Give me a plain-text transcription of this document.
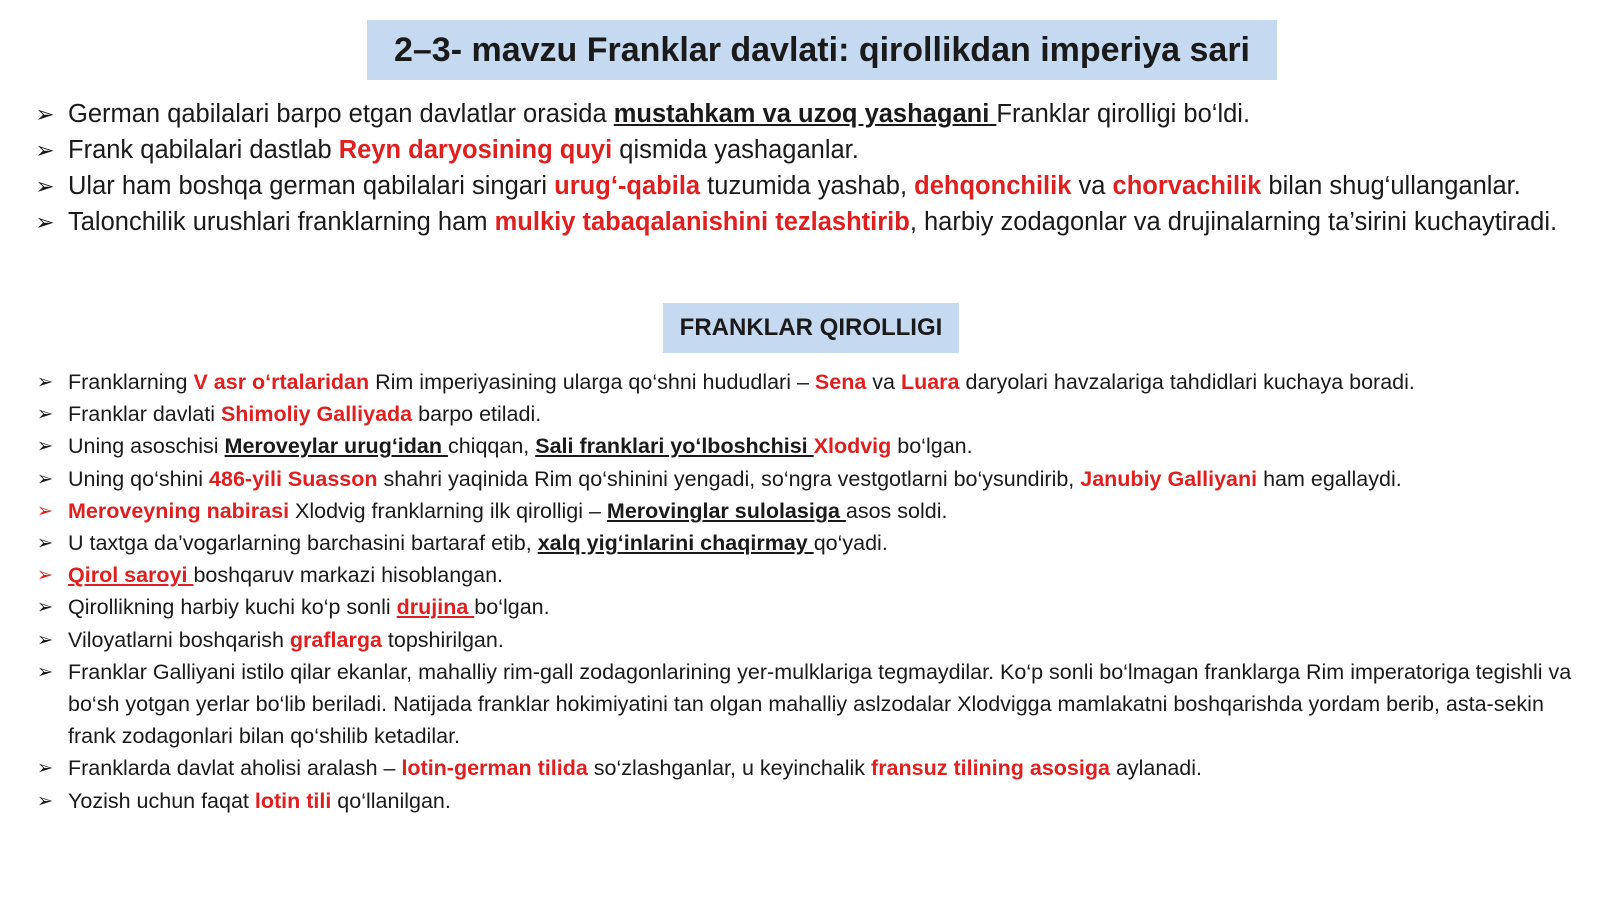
2–3- mavzu Franklar davlati: qirollikdan imperiya sari
➢ German qabilalari barpo etgan davlatlar orasida mustahkam va uzoq yashagani Franklar qirolligi bo‘ldi.
➢ Frank qabilalari dastlab Reyn daryosining quyi qismida yashaganlar.
➢ Ular ham boshqa german qabilalari singari urug‘-qabila tuzumida yashab, dehqonchilik va chorvachilik bilan shug‘ullanganlar.
➢ Talonchilik urushlari franklarning ham mulkiy tabaqalanishini tezlashtirib, harbiy zodagonlar va drujinalarning ta’sirini kuchaytiradi.
FRANKLAR QIROLLIGI
➢ Franklarning V asr o‘rtalaridan Rim imperiyasining ularga qo‘shni hududlari – Sena va Luara daryolari havzalariga tahdidlari kuchaya boradi.
➢ Franklar davlati Shimoliy Galliyada barpo etiladi.
➢ Uning asoschisi Meroveylar urug‘idan chiqqan, Sali franklari yo‘lboshchisi Xlodvig bo‘lgan.
➢ Uning qo‘shini 486-yili Suasson shahri yaqinida Rim qo‘shinini yengadi, so‘ngra vestgotlarni bo‘ysundirib, Janubiy Galliyani ham egallaydi.
➢ Meroveyning nabirasi Xlodvig franklarning ilk qirolligi – Merovinglar sulolasiga asos soldi.
➢ U taxtga da’vogarlarning barchasini bartaraf etib, xalq yig‘inlarini chaqirmay qo‘yadi.
➢ Qirol saroyi boshqaruv markazi hisoblangan.
➢ Qirollikning harbiy kuchi ko‘p sonli drujina bo‘lgan.
➢ Viloyatlarni boshqarish graflarga topshirilgan.
➢ Franklar Galliyani istilo qilar ekanlar, mahalliy rim-gall zodagonlarining yer-mulklariga tegmaydilar. Ko‘p sonli bo‘lmagan franklarga Rim imperatoriga tegishli va bo‘sh yotgan yerlar bo‘lib beriladi. Natijada franklar hokimiyatini tan olgan mahalliy aslzodalar Xlodvigga mamlakatni boshqarishda yordam berib, asta-sekin frank zodagonlari bilan qo‘shilib ketadilar.
➢ Franklarda davlat aholisi aralash – lotin-german tilida so‘zlashganlar, u keyinchalik fransuz tilining asosiga aylanadi.
➢ Yozish uchun faqat lotin tili qo‘llanilgan.
